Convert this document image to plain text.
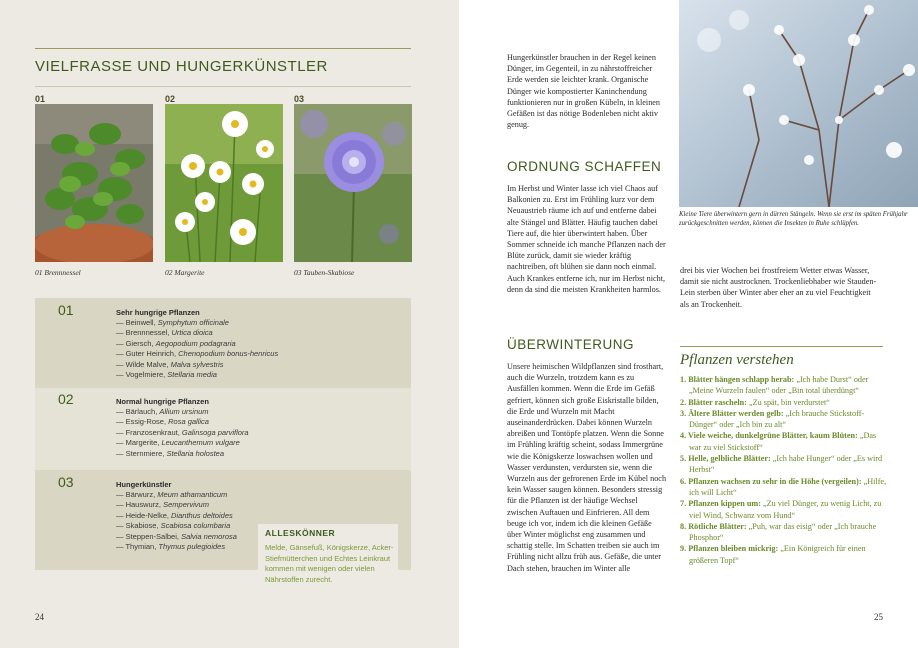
VIELFRASSE UND HUNGERKÜNSTLER
01	02	03
01 Brennnessel	02 Margerite	03 Tauben-Skabiose
01	Sehr hungrige Pflanzen
— Beinwell, Symphytum officinale
— Brennnessel, Urtica dioica
— Giersch, Aegopodium podagraria
— Guter Heinrich, Chenopodium bonus-henricus
— Wilde Malve, Malva sylvestris
— Vogelmiere, Stellaria media
02	Normal hungrige Pflanzen
— Bärlauch, Allium ursinum
— Essig-Rose, Rosa gallica
— Franzosenkraut, Galinsoga parviflora
— Margerite, Leucanthemum vulgare
— Sternmiere, Stellaria holostea
03	Hungerkünstler
— Bärwurz, Meum athamanticum
— Hauswurz, Sempervivum
— Heide-Nelke, Dianthus deltoides
— Skabiose, Scabiosa columbaria
— Steppen-Salbei, Salvia nemorosa
— Thymian, Thymus pulegioides
ALLESKÖNNER
Melde, Gänsefuß, Königskerze, Acker-Stiefmütterchen und Echtes Leinkraut kommen mit wenigen oder vielen Nährstoffen zurecht.
24

Hungerkünstler brauchen in der Regel keinen Dünger, im Gegenteil, in zu nährstoffreicher Erde werden sie leichter krank. Organische Dünger wie kompostierter Kaninchendung funktionieren nur in großen Kübeln, in kleinen Gefäßen ist das nötige Bodenleben nicht aktiv genug.

ORDNUNG SCHAFFEN

Im Herbst und Winter lasse ich viel Chaos auf Balkonien zu. Erst im Frühling kurz vor dem Neuaustrieb räume ich auf und entferne dabei alte Stängel und Blätter. Häufig tauchen dabei Tiere auf, die hier überwintert haben. Über Sommer schneide ich manche Pflanzen nach der Blüte zurück, damit sie wieder kräftig nachtreiben, oft blühen sie dann noch einmal. Auch Krankes entferne ich, nur im Herbst nicht, denn da sind die meisten Krankheiten harmlos.

ÜBERWINTERUNG

Unsere heimischen Wildpflanzen sind frosthart, auch die Wurzeln, trotzdem kann es zu Ausfällen kommen. Wenn die Erde im Gefäß gefriert, können sich große Eiskristalle bilden, die Erde und Wurzeln mit Macht auseinanderdrücken. Dabei können Wurzeln abreißen und Tontöpfe platzen. Wenn die Sonne im Frühling kräftig scheint, sodass Immergrüne wie die Königskerze loswachsen wollen und Wasser verdunsten, verdursten sie, wenn die Wurzeln aus der gefrorenen Erde im Kübel noch kein Wasser saugen können. Besonders stressig für die Pflanzen ist der häufige Wechsel zwischen Auftauen und Einfrieren. All dem beuge ich vor, indem ich die kleinen Gefäße über Winter möglichst eng zusammen und schattig stelle. Im Schatten treiben sie auch im Frühling nicht allzu früh aus. Gefäße, die unter Dach stehen, brauchen im Winter alle

Kleine Tiere überwintern gern in dürren Stängeln. Wenn sie erst im späten Frühjahr zurückgeschnitten werden, können die Insekten in Ruhe schlüpfen.

drei bis vier Wochen bei frostfreiem Wetter etwas Wasser, damit sie nicht austrocknen. Trockenliebhaber wie Stauden-Lein sterben über Winter aber eher an zu viel Feuchtigkeit als an Trockenheit.

Pflanzen verstehen
1. Blätter hängen schlapp herab: „Ich habe Durst“ oder „Meine Wurzeln faulen“ oder „Bin total überdüngt“
2. Blätter rascheln: „Zu spät, bin verdurstet“
3. Ältere Blätter werden gelb: „Ich brauche Stickstoff-Dünger“ oder „Ich bin zu alt“
4. Viele weiche, dunkelgrüne Blätter, kaum Blüten: „Das war zu viel Stickstoff“
5. Helle, gelbliche Blätter: „Ich habe Hunger“ oder „Es wird Herbst“
6. Pflanzen wachsen zu sehr in die Höhe (vergeilen): „Hilfe, ich will Licht“
7. Pflanzen kippen um: „Zu viel Dünger, zu wenig Licht, zu viel Wind, Schwanz vom Hund“
8. Rötliche Blätter: „Puh, war das eisig“ oder „Ich brauche Phosphor“
9. Pflanzen bleiben mickrig: „Ein Königreich für einen größeren Topf“
25
